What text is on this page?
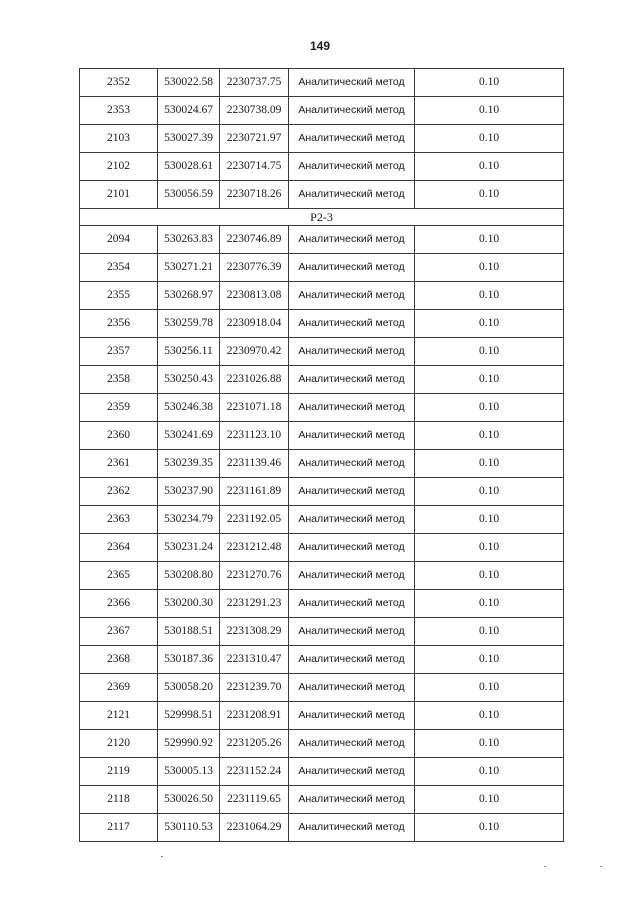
149
2352	530022.58	2230737.75	Аналитический метод	0.10
2353	530024.67	2230738.09	Аналитический метод	0.10
2103	530027.39	2230721.97	Аналитический метод	0.10
2102	530028.61	2230714.75	Аналитический метод	0.10
2101	530056.59	2230718.26	Аналитический метод	0.10
Р2-3				
2094	530263.83	2230746.89	Аналитический метод	0.10
2354	530271.21	2230776.39	Аналитический метод	0.10
2355	530268.97	2230813.08	Аналитический метод	0.10
2356	530259.78	2230918.04	Аналитический метод	0.10
2357	530256.11	2230970.42	Аналитический метод	0.10
2358	530250.43	2231026.88	Аналитический метод	0.10
2359	530246.38	2231071.18	Аналитический метод	0.10
2360	530241.69	2231123.10	Аналитический метод	0.10
2361	530239.35	2231139.46	Аналитический метод	0.10
2362	530237.90	2231161.89	Аналитический метод	0.10
2363	530234.79	2231192.05	Аналитический метод	0.10
2364	530231.24	2231212.48	Аналитический метод	0.10
2365	530208.80	2231270.76	Аналитический метод	0.10
2366	530200.30	2231291.23	Аналитический метод	0.10
2367	530188.51	2231308.29	Аналитический метод	0.10
2368	530187.36	2231310.47	Аналитический метод	0.10
2369	530058.20	2231239.70	Аналитический метод	0.10
2121	529998.51	2231208.91	Аналитический метод	0.10
2120	529990.92	2231205.26	Аналитический метод	0.10
2119	530005.13	2231152.24	Аналитический метод	0.10
2118	530026.50	2231119.65	Аналитический метод	0.10
2117	530110.53	2231064.29	Аналитический метод	0.10
